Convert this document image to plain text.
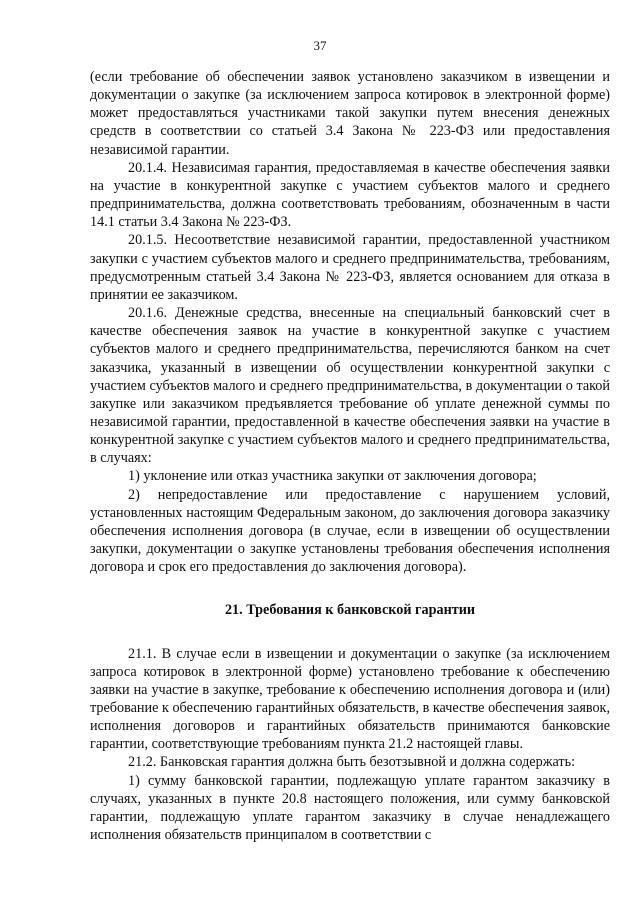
37

(если требование об обеспечении заявок установлено заказчиком в извещении и документации о закупке (за исключением запроса котировок в электронной форме) может предоставляться участниками такой закупки путем внесения денежных средств в соответствии со статьей 3.4 Закона № 223-ФЗ или предоставления независимой гарантии.

20.1.4. Независимая гарантия, предоставляемая в качестве обеспечения заявки на участие в конкурентной закупке с участием субъектов малого и среднего предпринимательства, должна соответствовать требованиям, обозначенным в части 14.1 статьи 3.4 Закона № 223-ФЗ.

20.1.5. Несоответствие независимой гарантии, предоставленной участником закупки с участием субъектов малого и среднего предпринимательства, требованиям, предусмотренным статьей 3.4 Закона № 223-ФЗ, является основанием для отказа в принятии ее заказчиком.

20.1.6. Денежные средства, внесенные на специальный банковский счет в качестве обеспечения заявок на участие в конкурентной закупке с участием субъектов малого и среднего предпринимательства, перечисляются банком на счет заказчика, указанный в извещении об осуществлении конкурентной закупки с участием субъектов малого и среднего предпринимательства, в документации о такой закупке или заказчиком предъявляется требование об уплате денежной суммы по независимой гарантии, предоставленной в качестве обеспечения заявки на участие в конкурентной закупке с участием субъектов малого и среднего предпринимательства, в случаях:

1) уклонение или отказ участника закупки от заключения договора;

2) непредоставление или предоставление с нарушением условий, установленных настоящим Федеральным законом, до заключения договора заказчику обеспечения исполнения договора (в случае, если в извещении об осуществлении закупки, документации о закупке установлены требования обеспечения исполнения договора и срок его предоставления до заключения договора).

21. Требования к банковской гарантии

21.1. В случае если в извещении и документации о закупке (за исключением запроса котировок в электронной форме) установлено требование к обеспечению заявки на участие в закупке, требование к обеспечению исполнения договора и (или) требование к обеспечению гарантийных обязательств, в качестве обеспечения заявок, исполнения договоров и гарантийных обязательств принимаются банковские гарантии, соответствующие требованиям пункта 21.2 настоящей главы.

21.2. Банковская гарантия должна быть безотзывной и должна содержать:

1) сумму банковской гарантии, подлежащую уплате гарантом заказчику в случаях, указанных в пункте 20.8 настоящего положения, или сумму банковской гарантии, подлежащую уплате гарантом заказчику в случае ненадлежащего исполнения обязательств принципалом в соответствии с
